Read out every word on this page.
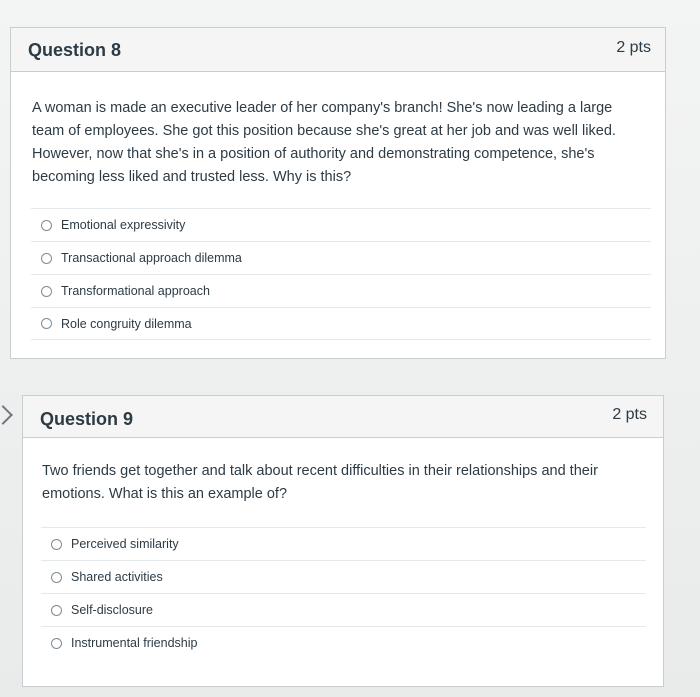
Question 8	2 pts
A woman is made an executive leader of her company's branch! She's now leading a large team of employees. She got this position because she's great at her job and was well liked. However, now that she's in a position of authority and demonstrating competence, she's becoming less liked and trusted less. Why is this?
Emotional expressivity
Transactional approach dilemma
Transformational approach
Role congruity dilemma
Question 9	2 pts
Two friends get together and talk about recent difficulties in their relationships and their emotions. What is this an example of?
Perceived similarity
Shared activities
Self-disclosure
Instrumental friendship
